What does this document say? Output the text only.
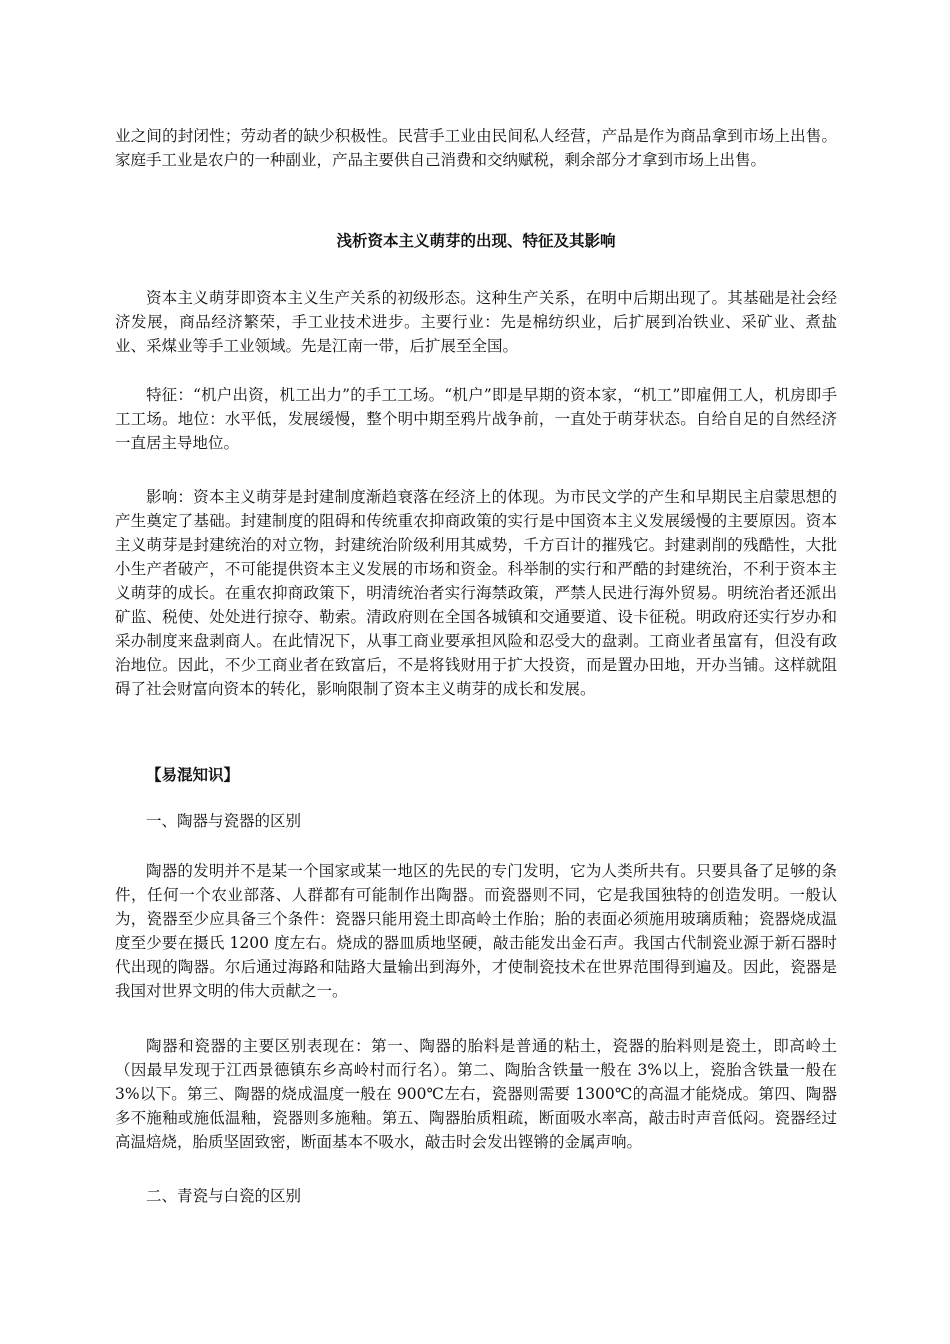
业之间的封闭性；劳动者的缺少积极性。民营手工业由民间私人经营，产品是作为商品拿到市场上出售。家庭手工业是农户的一种副业，产品主要供自己消费和交纳赋税，剩余部分才拿到市场上出售。

浅析资本主义萌芽的出现、特征及其影响

资本主义萌芽即资本主义生产关系的初级形态。这种生产关系，在明中后期出现了。其基础是社会经济发展，商品经济繁荣，手工业技术进步。主要行业：先是棉纺织业，后扩展到冶铁业、采矿业、煮盐业、采煤业等手工业领域。先是江南一带，后扩展至全国。

特征：“机户出资，机工出力”的手工工场。“机户”即是早期的资本家，“机工”即雇佣工人，机房即手工工场。地位：水平低，发展缓慢，整个明中期至鸦片战争前，一直处于萌芽状态。自给自足的自然经济一直居主导地位。

影响：资本主义萌芽是封建制度渐趋衰落在经济上的体现。为市民文学的产生和早期民主启蒙思想的产生奠定了基础。封建制度的阻碍和传统重农抑商政策的实行是中国资本主义发展缓慢的主要原因。资本主义萌芽是封建统治的对立物，封建统治阶级利用其威势，千方百计的摧残它。封建剥削的残酷性，大批小生产者破产，不可能提供资本主义发展的市场和资金。科举制的实行和严酷的封建统治，不利于资本主义萌芽的成长。在重农抑商政策下，明清统治者实行海禁政策，严禁人民进行海外贸易。明统治者还派出矿监、税使、处处进行掠夺、勒索。清政府则在全国各城镇和交通要道、设卡征税。明政府还实行岁办和采办制度来盘剥商人。在此情况下，从事工商业要承担风险和忍受大的盘剥。工商业者虽富有，但没有政治地位。因此，不少工商业者在致富后，不是将钱财用于扩大投资，而是置办田地，开办当铺。这样就阻碍了社会财富向资本的转化，影响限制了资本主义萌芽的成长和发展。

【易混知识】

一、陶器与瓷器的区别

陶器的发明并不是某一个国家或某一地区的先民的专门发明，它为人类所共有。只要具备了足够的条件，任何一个农业部落、人群都有可能制作出陶器。而瓷器则不同，它是我国独特的创造发明。一般认为，瓷器至少应具备三个条件：瓷器只能用瓷土即高岭土作胎；胎的表面必须施用玻璃质釉；瓷器烧成温度至少要在摄氏 1200 度左右。烧成的器皿质地坚硬，敲击能发出金石声。我国古代制瓷业源于新石器时代出现的陶器。尔后通过海路和陆路大量输出到海外，才使制瓷技术在世界范围得到遍及。因此，瓷器是我国对世界文明的伟大贡献之一。

陶器和瓷器的主要区别表现在：第一、陶器的胎料是普通的粘土，瓷器的胎料则是瓷土，即高岭土（因最早发现于江西景德镇东乡高岭村而行名）。第二、陶胎含铁量一般在 3%以上，瓷胎含铁量一般在 3%以下。第三、陶器的烧成温度一般在 900℃左右，瓷器则需要 1300℃的高温才能烧成。第四、陶器多不施釉或施低温釉，瓷器则多施釉。第五、陶器胎质粗疏，断面吸水率高，敲击时声音低闷。瓷器经过高温焙烧，胎质坚固致密，断面基本不吸水，敲击时会发出铿锵的金属声响。

二、青瓷与白瓷的区别
